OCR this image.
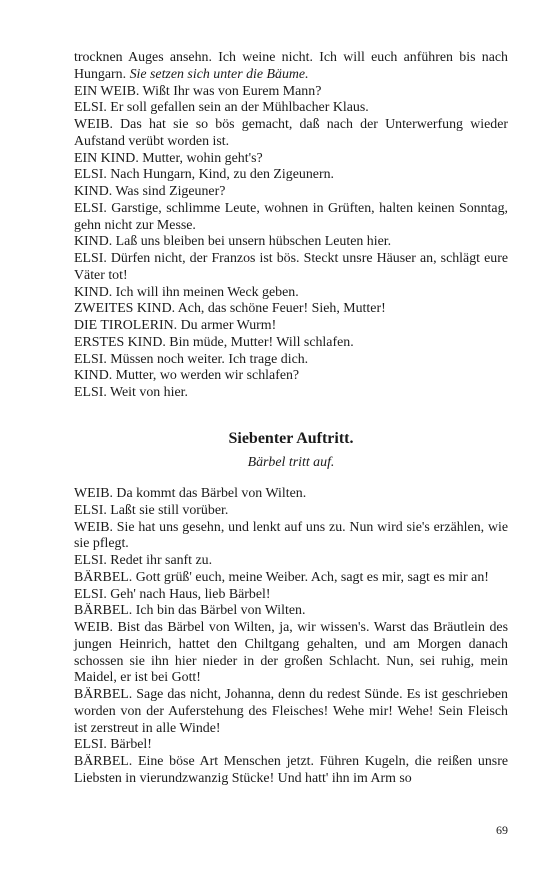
trocknen Auges ansehn. Ich weine nicht. Ich will euch anführen bis nach Hungarn. Sie setzen sich unter die Bäume.

EIN WEIB. Wißt Ihr was von Eurem Mann?

ELSI. Er soll gefallen sein an der Mühlbacher Klaus.

WEIB. Das hat sie so bös gemacht, daß nach der Unterwerfung wieder Aufstand verübt worden ist.

EIN KIND. Mutter, wohin geht's?

ELSI. Nach Hungarn, Kind, zu den Zigeunern.

KIND. Was sind Zigeuner?

ELSI. Garstige, schlimme Leute, wohnen in Grüften, halten keinen Sonntag, gehn nicht zur Messe.

KIND. Laß uns bleiben bei unsern hübschen Leuten hier.

ELSI. Dürfen nicht, der Franzos ist bös. Steckt unsre Häuser an, schlägt eure Väter tot!

KIND. Ich will ihn meinen Weck geben.

ZWEITES KIND. Ach, das schöne Feuer! Sieh, Mutter!

DIE TIROLERIN. Du armer Wurm!

ERSTES KIND. Bin müde, Mutter! Will schlafen.

ELSI. Müssen noch weiter. Ich trage dich.

KIND. Mutter, wo werden wir schlafen?

ELSI. Weit von hier.

Siebenter Auftritt.
Bärbel tritt auf.

WEIB. Da kommt das Bärbel von Wilten.

ELSI. Laßt sie still vorüber.

WEIB. Sie hat uns gesehn, und lenkt auf uns zu. Nun wird sie's erzählen, wie sie pflegt.

ELSI. Redet ihr sanft zu.

BÄRBEL. Gott grüß' euch, meine Weiber. Ach, sagt es mir, sagt es mir an!

ELSI. Geh' nach Haus, lieb Bärbel!

BÄRBEL. Ich bin das Bärbel von Wilten.

WEIB. Bist das Bärbel von Wilten, ja, wir wissen's. Warst das Bräutlein des jungen Heinrich, hattet den Chiltgang gehalten, und am Morgen danach schossen sie ihn hier nieder in der großen Schlacht. Nun, sei ruhig, mein Maidel, er ist bei Gott!

BÄRBEL. Sage das nicht, Johanna, denn du redest Sünde. Es ist geschrieben worden von der Auferstehung des Fleisches! Wehe mir! Wehe! Sein Fleisch ist zerstreut in alle Winde!

ELSI. Bärbel!

BÄRBEL. Eine böse Art Menschen jetzt. Führen Kugeln, die reißen unsre Liebsten in vierundzwanzig Stücke! Und hatt' ihn im Arm so

69
